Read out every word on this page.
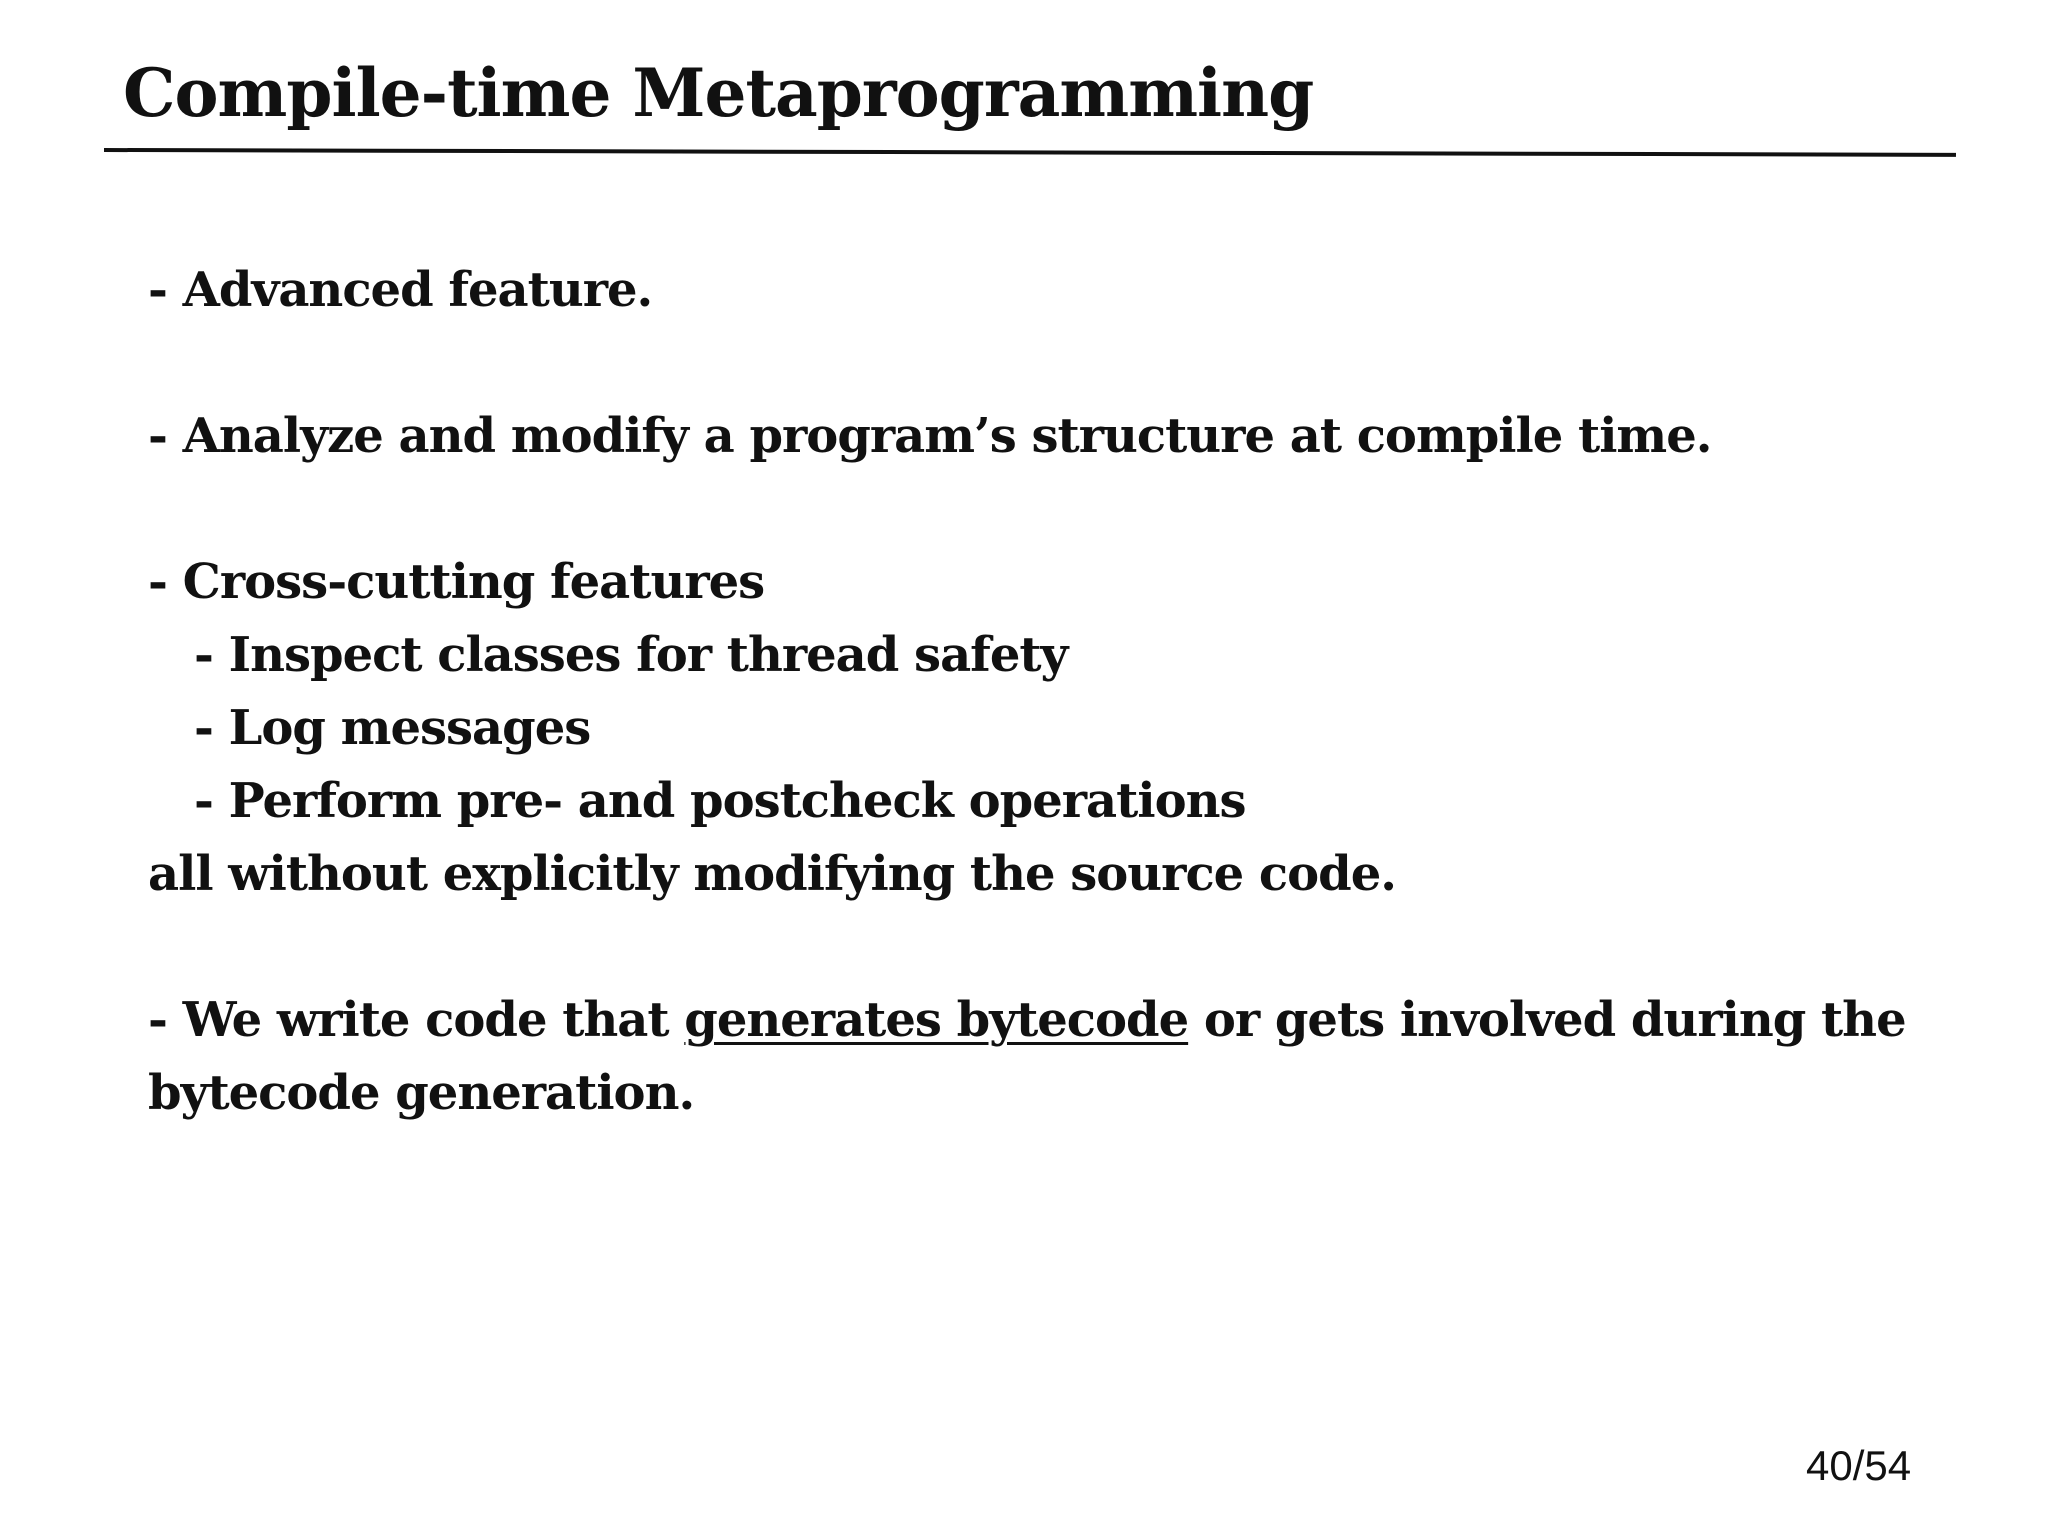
Compile-time Metaprogramming
- Advanced feature.
- Analyze and modify a program’s structure at compile time.
- Cross-cutting features
- Inspect classes for thread safety
- Log messages
- Perform pre- and postcheck operations
all without explicitly modifying the source code.
- We write code that generates bytecode or gets involved during the
bytecode generation.
40/54
